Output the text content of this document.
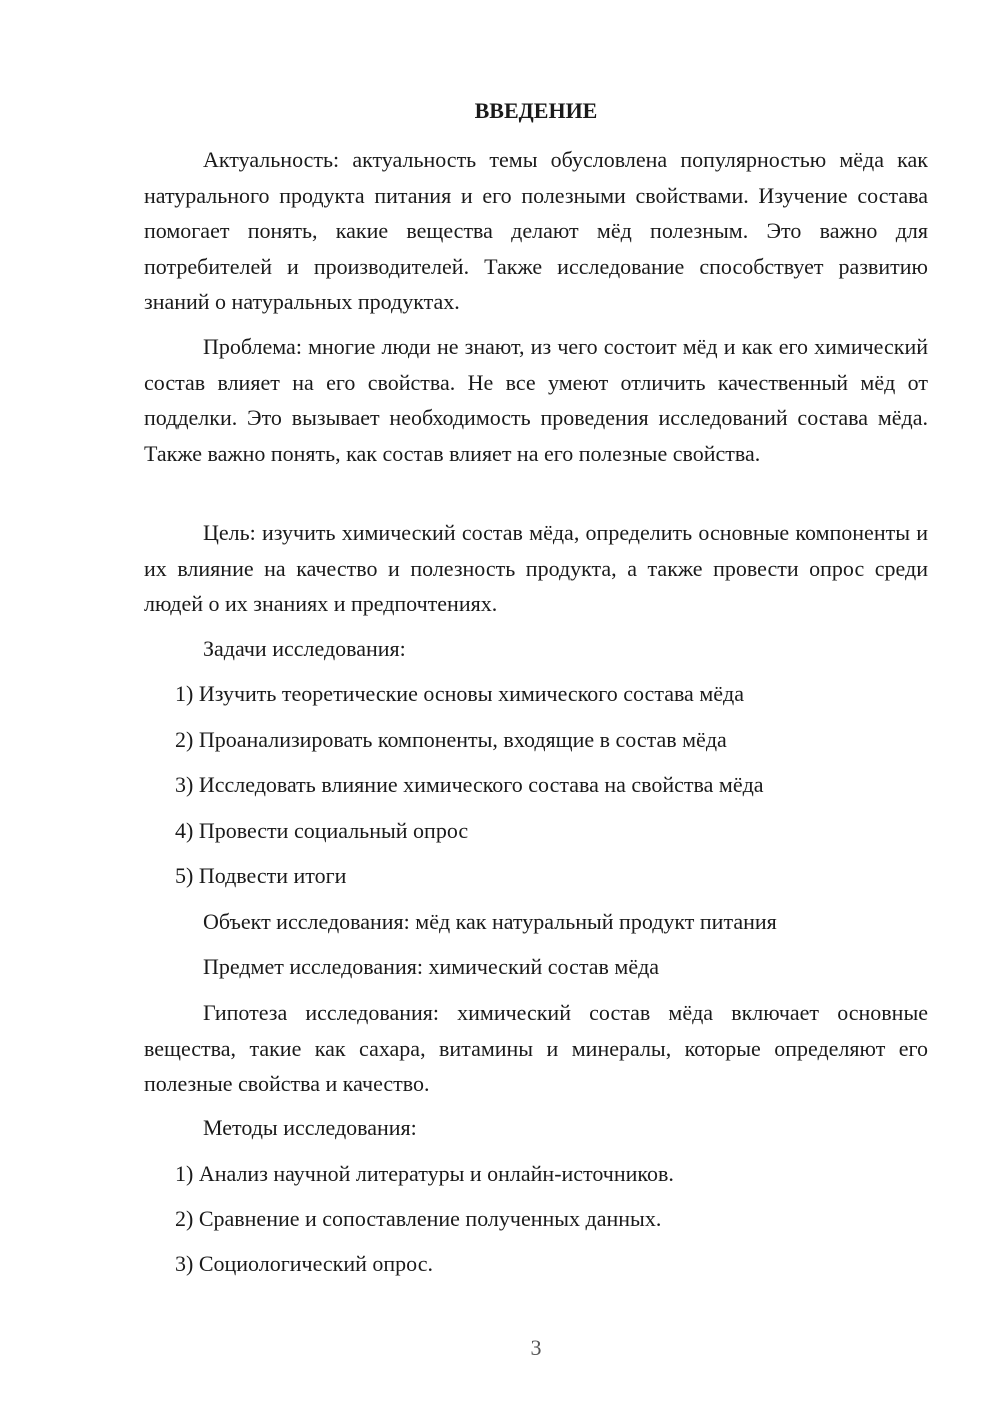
ВВЕДЕНИЕ

Актуальность: актуальность темы обусловлена популярностью мёда как натурального продукта питания и его полезными свойствами. Изучение состава помогает понять, какие вещества делают мёд полезным. Это важно для потребителей и производителей. Также исследование способствует развитию знаний о натуральных продуктах.

Проблема: многие люди не знают, из чего состоит мёд и как его химический состав влияет на его свойства. Не все умеют отличить качественный мёд от подделки. Это вызывает необходимость проведения исследований состава мёда. Также важно понять, как состав влияет на его полезные свойства.

Цель: изучить химический состав мёда, определить основные компоненты и их влияние на качество и полезность продукта, а также провести опрос среди людей о их знаниях и предпочтениях.

Задачи исследования:

1) Изучить теоретические основы химического состава мёда

2) Проанализировать компоненты, входящие в состав мёда

3) Исследовать влияние химического состава на свойства мёда

4) Провести социальный опрос

5) Подвести итоги

Объект исследования: мёд как натуральный продукт питания

Предмет исследования: химический состав мёда

Гипотеза исследования: химический состав мёда включает основные вещества, такие как сахара, витамины и минералы, которые определяют его полезные свойства и качество.

Методы исследования:

1) Анализ научной литературы и онлайн-источников.

2) Сравнение и сопоставление полученных данных.

3) Социологический опрос.

3
